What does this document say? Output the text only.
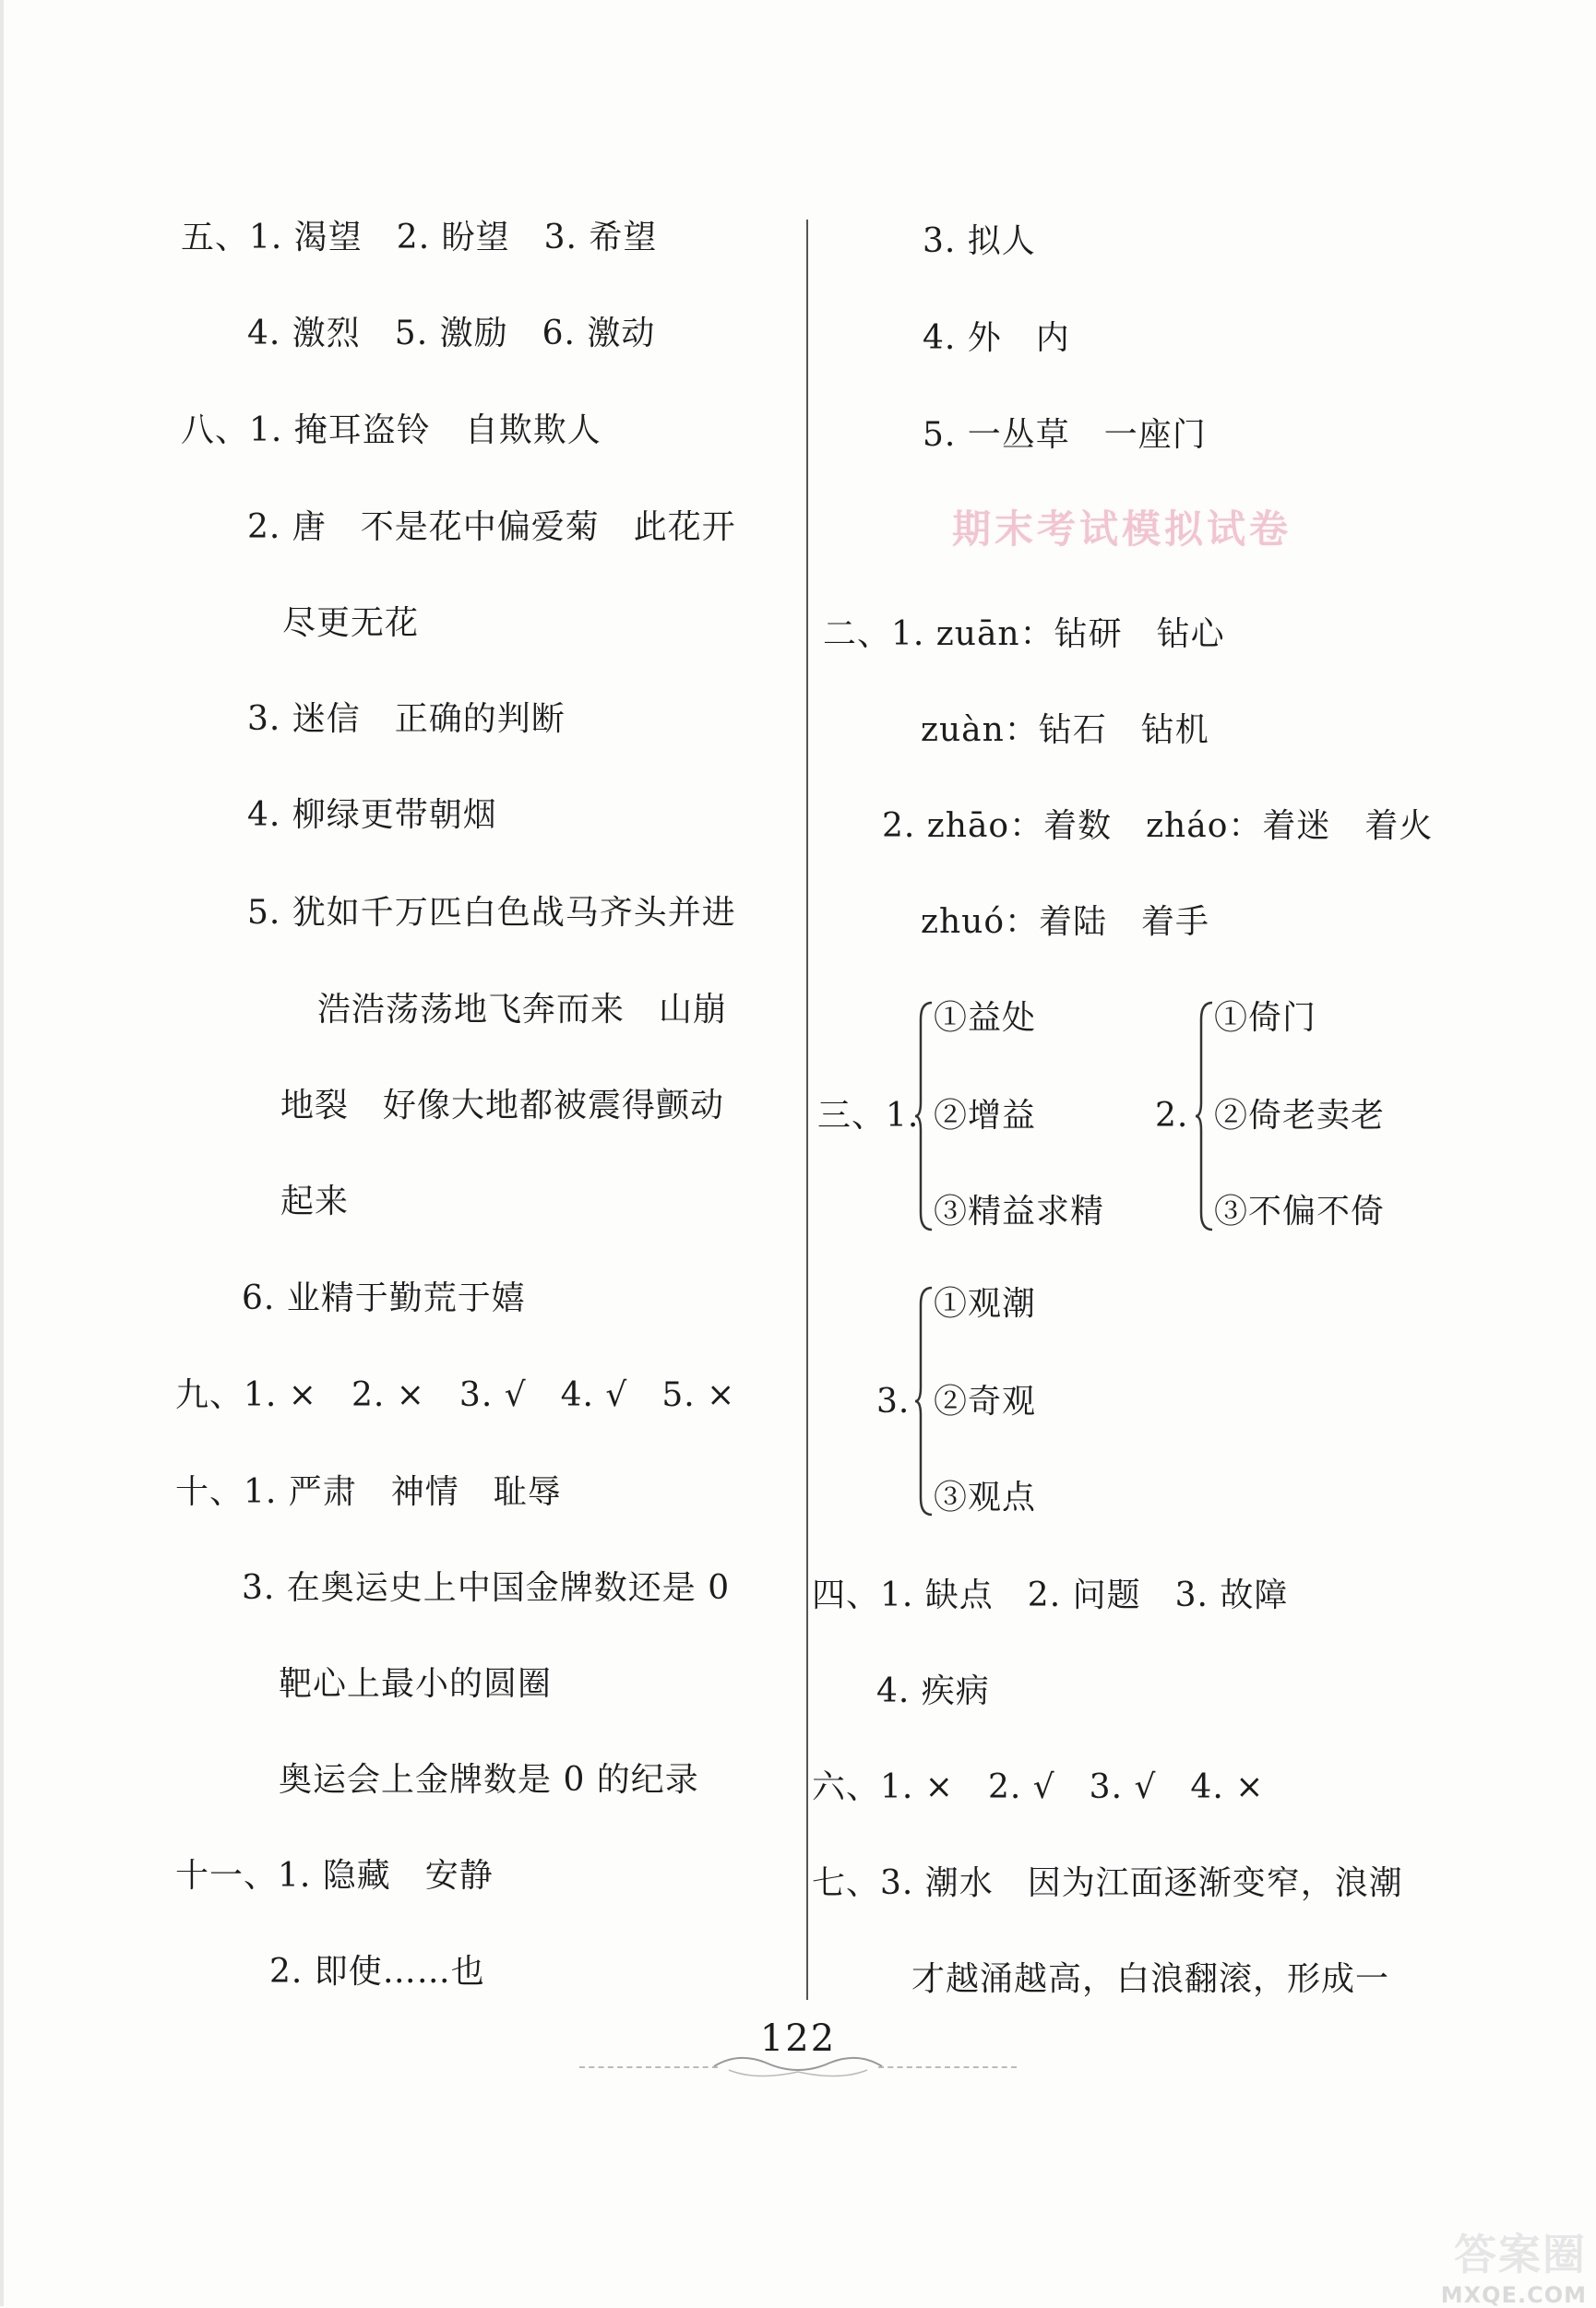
五、1. 渴望　2. 盼望　3. 希望
4. 激烈　5. 激励　6. 激动
八、1. 掩耳盗铃　自欺欺人
2. 唐　不是花中偏爱菊　此花开
尽更无花
3. 迷信　正确的判断
4. 柳绿更带朝烟
5. 犹如千万匹白色战马齐头并进
浩浩荡荡地飞奔而来　山崩
地裂　好像大地都被震得颤动
起来
6. 业精于勤荒于嬉
九、1. ×　2. ×　3. √　4. √　5. ×
十、1. 严肃　神情　耻辱
3. 在奥运史上中国金牌数还是 0
靶心上最小的圆圈
奥运会上金牌数是 0 的纪录
十一、1. 隐藏　安静
2. 即使……也
3. 拟人
4. 外　内
5. 一丛草　一座门
期末考试模拟试卷
二、1. zuān：钻研　钻心
zuàn：钻石　钻机
2. zhāo：着数　zháo：着迷　着火
zhuó：着陆　着手
三、1.
①益处
②增益
③精益求精
2.
①倚门
②倚老卖老
③不偏不倚
3.
①观潮
②奇观
③观点
四、1. 缺点　2. 问题　3. 故障
4. 疾病
六、1. ×　2. √　3. √　4. ×
七、3. 潮水　因为江面逐渐变窄，浪潮
才越涌越高，白浪翻滚，形成一
122
答案圈
MXQE.COM
